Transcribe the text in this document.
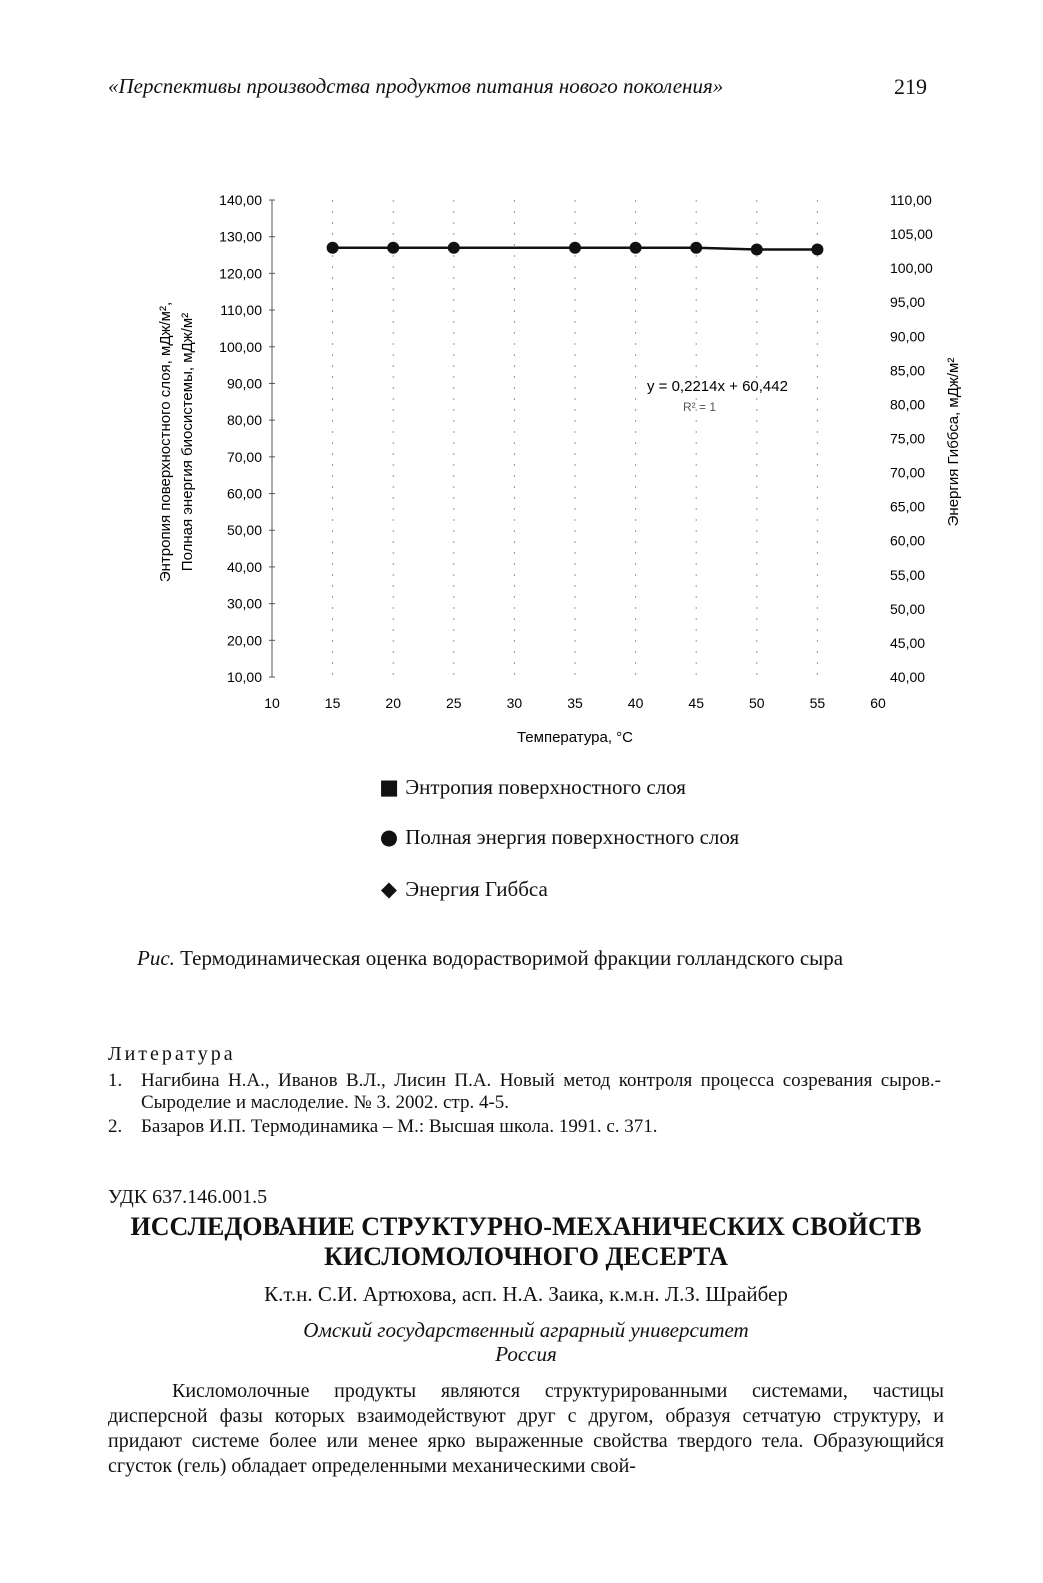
«Перспективы производства продуктов питания нового поколения»	219
10,00
20,00
30,00
40,00
50,00
60,00
70,00
80,00
90,00
100,00
110,00
120,00
130,00
140,00
40,00
45,00
50,00
55,00
60,00
65,00
70,00
75,00
80,00
85,00
90,00
95,00
100,00
105,00
110,00
10	15	20	25	30	35	40	45	50	55	60
Энтропия поверхностного слоя, мДж/м², Полная энергия биосистемы, мДж/м²	Энергия Гиббса, мДж/м²
Температура, °C
y = 0,2214x + 60,442
R² = 1
■ Энтропия поверхностного слоя
● Полная энергия поверхностного слоя
◆ Энергия Гиббса
Рис. Термодинамическая оценка водорастворимой фракции голландского сыра
Литература
1. Нагибина Н.А., Иванов В.Л., Лисин П.А. Новый метод контроля процесса созревания сыров.- Сыроделие и маслоделие. № 3. 2002. стр. 4-5.
2. Базаров И.П. Термодинамика – М.: Высшая школа. 1991. с. 371.
УДК 637.146.001.5
ИССЛЕДОВАНИЕ СТРУКТУРНО-МЕХАНИЧЕСКИХ СВОЙСТВ
КИСЛОМОЛОЧНОГО ДЕСЕРТА
К.т.н. С.И. Артюхова, асп. Н.А. Заика, к.м.н. Л.З. Шрайбер
Омский государственный аграрный университет
Россия
Кисломолочные продукты являются структурированными системами, частицы дисперсной фазы которых взаимодействуют друг с другом, образуя сетчатую структуру, и придают системе более или менее ярко выраженные свойства твердого тела. Образующийся сгусток (гель) обладает определенными механическими свой-
